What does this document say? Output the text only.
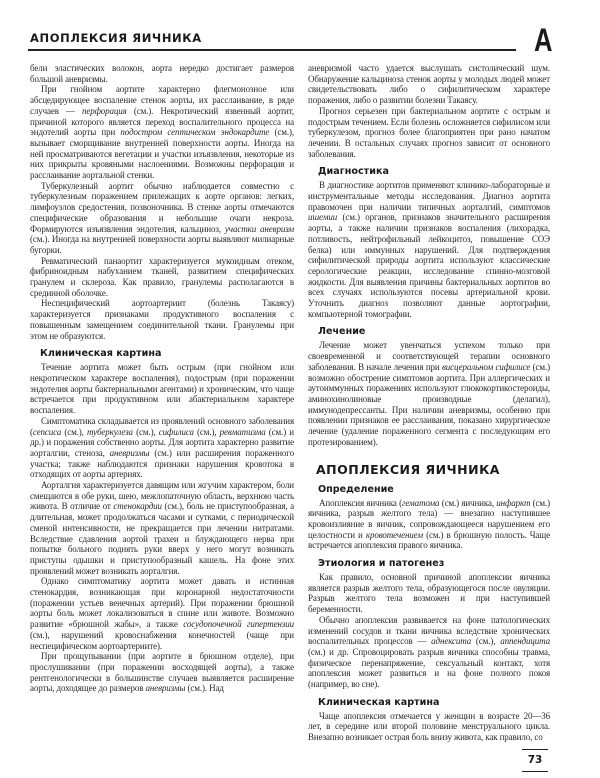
АПОПЛЕКСИЯ ЯИЧНИКА	А

бели эластических волокон, аорта нередко достигает размеров большой аневризмы.

При гнойном аортите характерно флегмонозное или абсцедирующее воспаление стенок аорты, их расслаивание, в ряде случаев — перфорация (см.). Некротический язвенный аортит, причиной которого является переход воспалительного процесса на эндотелий аорты при подостром септическом эндокардите (см.), вызывает сморщивание внутренней поверхности аорты. Иногда на ней просматриваются вегетации и участки изъязвления, некоторые из них прикрыты кровяными наслоениями. Возможны перфорация и расслаивание аортальной стенки.

Туберкулезный аортит обычно наблюдается совместно с туберкулезным поражением прилежащих к аорте органов: легких, лимфоузлов средостения, позвоночника. В стенке аорты отмечаются специфические образования и небольшие очаги некроза. Формируются изъязвления эндотелия, кальциноз, участки аневризм (см.). Иногда на внутренней поверхности аорты выявляют милиарные бугорки.

Ревматический панаортит характеризуется мукоидным отеком, фибриноидным набуханием тканей, развитием специфических гранулем и склероза. Как правило, гранулемы располагаются в срединной оболочке.

Неспецифический аортоартериит (болезнь Такаясу) характеризуется признаками продуктивного воспаления с повышенным замещением соединительной ткани. Гранулемы при этом не образуются.

Клиническая картина

Течение аортита может быть острым (при гнойном или некротическом характере воспаления), подострым (при поражении эндотелия аорты бактериальными агентами) и хроническим, что чаще встречается при продуктивном или абактериальном характере воспаления.

Симптоматика складывается из проявлений основного заболевания (сепсиса (см.), туберкулеза (см.), сифилиса (см.), ревматизма (см.) и др.) и поражения собственно аорты. Для аортита характерно развитие аорталгии, стеноза, аневризмы (см.) или расширения пораженного участка; также наблюдаются признаки нарушения кровотока в отходящих от аорты артериях.

Аорталгия характеризуется давящим или жгучим характером, боли смещаются в обе руки, шею, межлопаточную область, верхнюю часть живота. В отличие от стенокардии (см.), боль не приступообразная, а длительная, может продолжаться часами и сутками, с периодической сменой интенсивности, не прекращается при лечении нитратами. Вследствие сдавления аортой трахеи и блуждающего нерва при попытке больного поднять руки вверх у него могут возникать приступы одышки и приступообразный кашель. На фоне этих проявлений может возникать аорталгия.

Однако симптоматику аортита может давать и истинная стенокардия, возникающая при коронарной недостаточности (поражении устьев венечных артерий). При поражении брюшной аорты боль может локализоваться в спине или животе. Возможно развитие «брюшной жабы», а также сосудопочечной гипертензии (см.), нарушений кровоснабжения конечностей (чаще при неспецифическом аортоартериите).

При прощупывании (при аортите в брюшном отделе), при прослушивании (при поражении восходящей аорты), а также рентгенологически в большинстве случаев выявляется расширение аорты, доходящее до размеров аневризмы (см.). Над

аневризмой часто удается выслушать систолический шум. Обнаружение кальциноза стенок аорты у молодых людей может свидетельствовать либо о сифилитическом характере поражения, либо о развитии болезни Такаясу.

Прогноз серьезен при бактериальном аортите с острым и подострым течением. Если болезнь осложняется сифилисом или туберкулезом, прогноз более благоприятен при рано начатом лечении. В остальных случаях прогноз зависит от основного заболевания.

Диагностика

В диагностике аортитов применяют клинико-лабораторные и инструментальные методы исследования. Диагноз аортита правомочен при наличии типичных аорталгий, симптомов ишемии (см.) органов, признаков значительного расширения аорты, а также наличии признаков воспаления (лихорадка, потливость, нейтрофильный лейкоцитоз, повышение СОЭ белка) или иммунных нарушений. Для подтверждения сифилитической природы аортита используют классические серологические реакции, исследование спинно-мозговой жидкости. Для выявления причины бактериальных аортитов во всех случаях используются посевы артериальной крови. Уточнить диагноз позволяют данные аортографии, компьютерной томографии.

Лечение

Лечение может увенчаться успехом только при своевременной и соответствующей терапии основного заболевания. В начале лечения при висцеральном сифилисе (см.) возможно обострение симптомов аортита. При аллергических и аутоиммунных поражениях используют глюкокортикостероиды, аминохинолиновые производные (делагил), иммунодепрессанты. При наличии аневризмы, особенно при появлении признаков ее расслаивания, показано хирургическое лечение (удаление пораженного сегмента с последующим его протезированием).

АПОПЛЕКСИЯ ЯИЧНИКА
Определение

Апоплексия яичника (гематома (см.) яичника, инфаркт (см.) яичника, разрыв желтого тела) — внезапно наступившее кровоизлияние в яичник, сопровождающееся нарушением его целостности и кровотечением (см.) в брюшную полость. Чаще встречается апоплексия правого яичника.

Этиология и патогенез

Как правило, основной причиной апоплексии яичника является разрыв желтого тела, образующегося после овуляции. Разрыв желтого тела возможен и при наступившей беременности.

Обычно апоплексия развивается на фоне патологических изменений сосудов и ткани яичника вследствие хронических воспалительных процессов — аднексита (см.), аппендицита (см.) и др. Спровоцировать разрыв яичника способны травма, физическое перенапряжение, сексуальный контакт, хотя апоплексия может развиться и на фоне полного покоя (например, во сне).

Клиническая картина

Чаще апоплексия отмечается у женщин в возрасте 20—36 лет, в середине или второй половине менструального цикла. Внезапно возникает острая боль внизу живота, как правило, со

73
